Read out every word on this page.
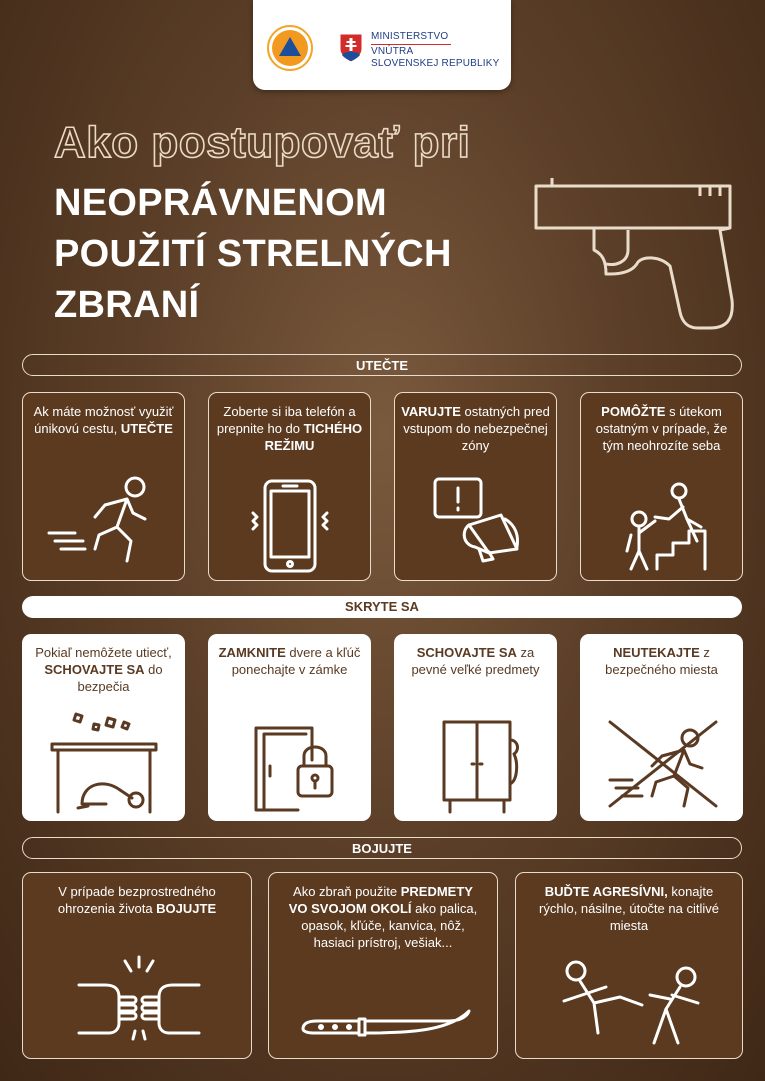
MINISTERSTVO
VNÚTRA
SLOVENSKEJ REPUBLIKY
Ako postupovať pri
NEOPRÁVNENOM
POUŽITÍ STRELNÝCH
ZBRANÍ
UTEČTE
Ak máte možnosť využiť únikovú cestu, UTEČTE
Zoberte si iba telefón a prepnite ho do TICHÉHO REŽIMU
VARUJTE ostatných pred vstupom do nebezpečnej zóny
POMÔŽTE s útekom ostatným v prípade, že tým neohrozíte seba
SKRYTE SA
Pokiaľ nemôžete utiecť, SCHOVAJTE SA do bezpečia
ZAMKNITE dvere a kľúč ponechajte v zámke
SCHOVAJTE SA za pevné veľké predmety
NEUTEKAJTE z bezpečného miesta
BOJUJTE
V prípade bezprostredného ohrozenia života BOJUJTE
Ako zbraň použite PREDMETY VO SVOJOM OKOLÍ ako palica, opasok, kľúče, kanvica, nôž, hasiaci prístroj, vešiak...
BUĎTE AGRESÍVNI, konajte rýchlo, násilne, útočte na citlivé miesta
